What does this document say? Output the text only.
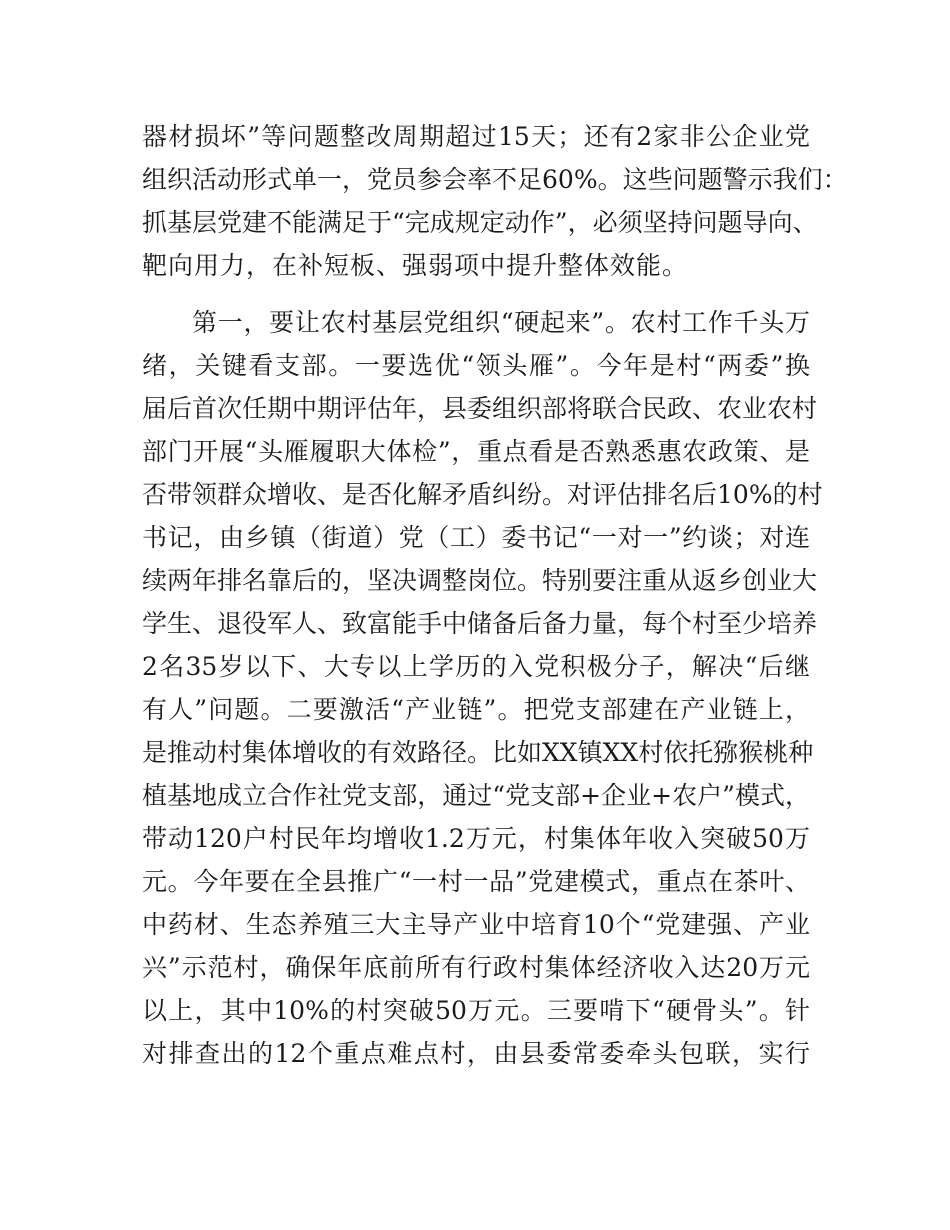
器材损坏”等问题整改周期超过15天；还有2家非公企业党
组织活动形式单一，党员参会率不足60%。这些问题警示我们：
抓基层党建不能满足于“完成规定动作”，必须坚持问题导向、
靶向用力，在补短板、强弱项中提升整体效能。
第一，要让农村基层党组织“硬起来”。农村工作千头万
绪，关键看支部。一要选优“领头雁”。今年是村“两委”换
届后首次任期中期评估年，县委组织部将联合民政、农业农村
部门开展“头雁履职大体检”，重点看是否熟悉惠农政策、是
否带领群众增收、是否化解矛盾纠纷。对评估排名后10%的村
书记，由乡镇（街道）党（工）委书记“一对一”约谈；对连
续两年排名靠后的，坚决调整岗位。特别要注重从返乡创业大
学生、退役军人、致富能手中储备后备力量，每个村至少培养
2名35岁以下、大专以上学历的入党积极分子，解决“后继
有人”问题。二要激活“产业链”。把党支部建在产业链上，
是推动村集体增收的有效路径。比如XX镇XX村依托猕猴桃种
植基地成立合作社党支部，通过“党支部+企业+农户”模式，
带动120户村民年均增收1.2万元，村集体年收入突破50万
元。今年要在全县推广“一村一品”党建模式，重点在茶叶、
中药材、生态养殖三大主导产业中培育10个“党建强、产业
兴”示范村，确保年底前所有行政村集体经济收入达20万元
以上，其中10%的村突破50万元。三要啃下“硬骨头”。针
对排查出的12个重点难点村，由县委常委牵头包联，实行
